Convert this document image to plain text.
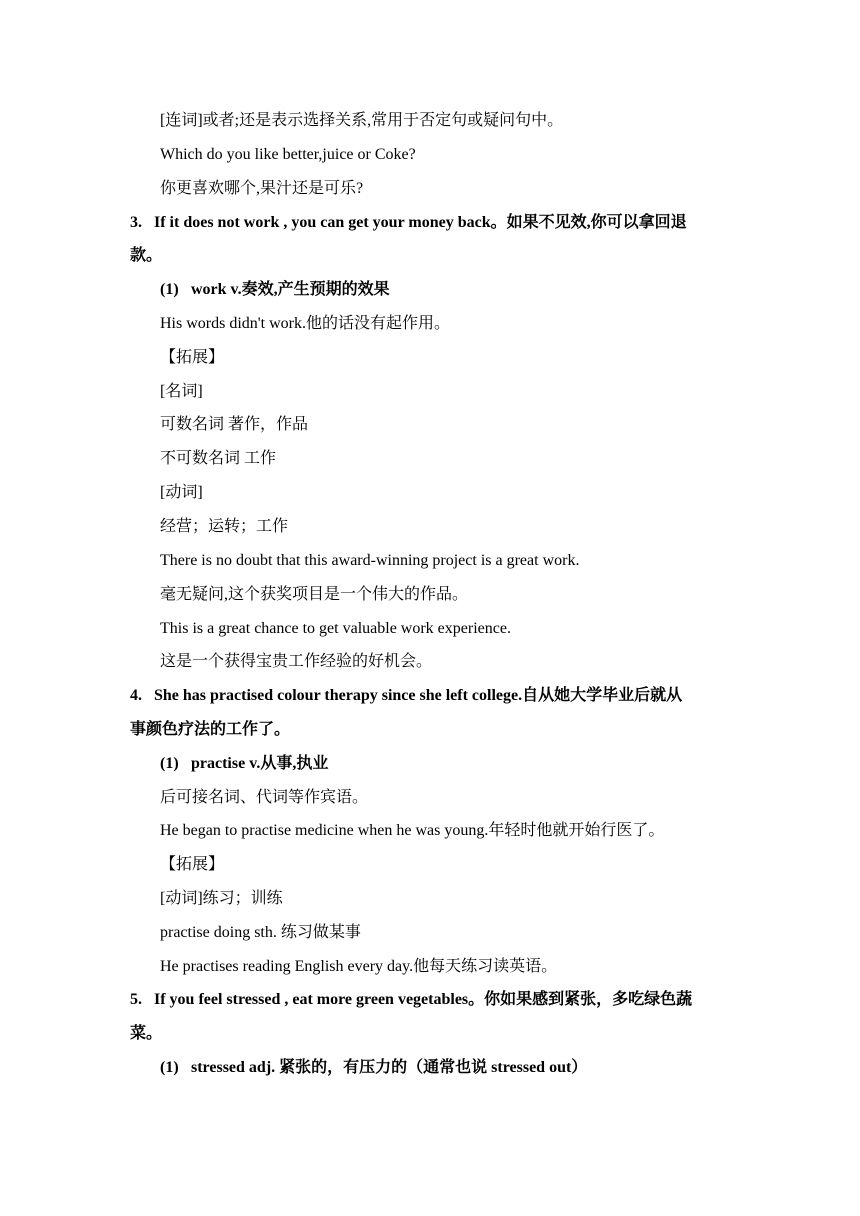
[连词]或者;还是表示选择关系,常用于否定句或疑问句中。
Which do you like better,juice or Coke?
你更喜欢哪个,果汁还是可乐?
3. If it does not work , you can get your money back。如果不见效,你可以拿回退
款。
(1) work v.奏效,产生预期的效果
His words didn't work.他的话没有起作用。
【拓展】
[名词]
可数名词 著作，作品
不可数名词 工作
[动词]
经营；运转；工作
There is no doubt that this award-winning project is a great work.
毫无疑问,这个获奖项目是一个伟大的作品。
This is a great chance to get valuable work experience.
这是一个获得宝贵工作经验的好机会。
4. She has practised colour therapy since she left college.自从她大学毕业后就从
事颜色疗法的工作了。
(1) practise v.从事,执业
后可接名词、代词等作宾语。
He began to practise medicine when he was young.年轻时他就开始行医了。
【拓展】
[动词]练习；训练
practise doing sth. 练习做某事
He practises reading English every day.他每天练习读英语。
5. If you feel stressed , eat more green vegetables。你如果感到紧张，多吃绿色蔬
菜。
(1) stressed adj. 紧张的，有压力的（通常也说 stressed out）
